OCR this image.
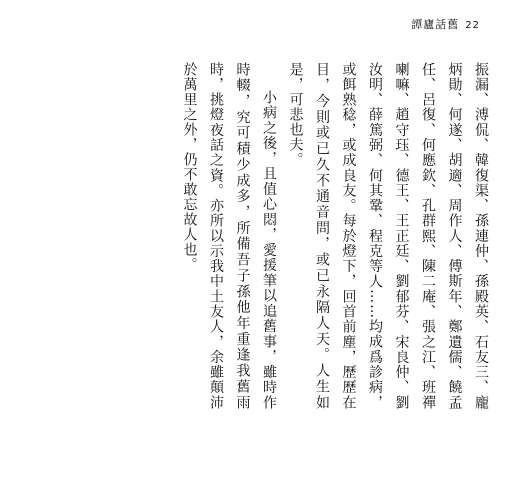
譚廬話舊 22

振漏、溥侃、韓復渠、孫連仲、孫殿英、石友三、龐炳勛、何遂、胡適、周作人、傅斯年、鄭遺儒、饒孟任、呂復、何應欽、孔群熙、陳二庵、張之江、班禪喇嘛、趙守珏、德王、王正廷、劉郁芬、宋良仲、劉汝明、薛篤弼、何其鞏、程克等人……均成爲診病，或餌熟稔，或成良友。每於燈下，回首前塵，歷歷在目，今則或已久不通音問，或已永隔人天。人生如是，可悲也夫。

小病之後，且值心悶，愛援筆以追舊事，雖時作時輟，究可積少成多，所備吾子孫他年重逢我舊雨時，挑燈夜話之資。亦所以示我中土友人，余雖顛沛於萬里之外，仍不敢忘故人也。
